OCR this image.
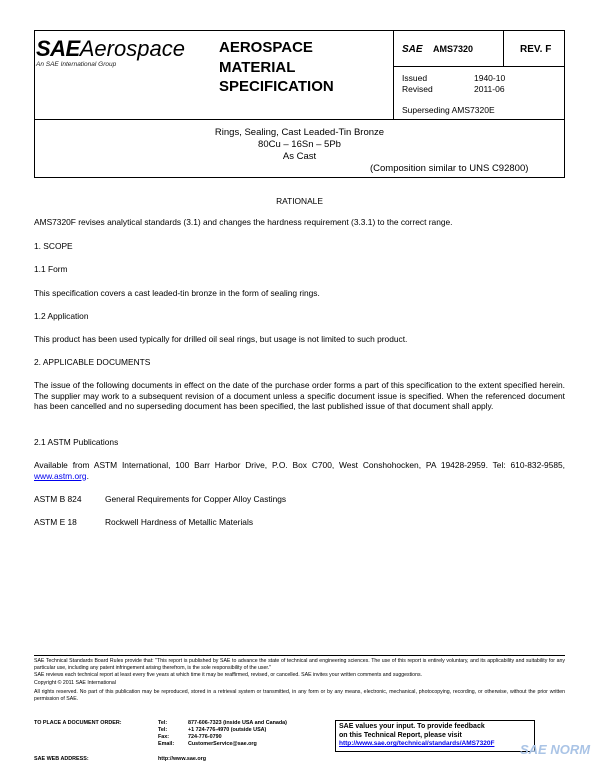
SAEAerospace
An SAE International Group
AEROSPACE
MATERIAL
SPECIFICATION
SAE AMS7320	REV. F
Issued	1940-10
Revised	2011-06
Superseding AMS7320E
Rings, Sealing, Cast Leaded-Tin Bronze
80Cu – 16Sn – 5Pb
As Cast
(Composition similar to UNS C92800)
RATIONALE
AMS7320F revises analytical standards (3.1) and changes the hardness requirement (3.3.1) to the correct range.
1. SCOPE
1.1 Form
This specification covers a cast leaded-tin bronze in the form of sealing rings.
1.2 Application
This product has been used typically for drilled oil seal rings, but usage is not limited to such product.
2. APPLICABLE DOCUMENTS
The issue of the following documents in effect on the date of the purchase order forms a part of this specification to the extent specified herein. The supplier may work to a subsequent revision of a document unless a specific document issue is specified. When the referenced document has been cancelled and no superseding document has been specified, the last published issue of that document shall apply.
2.1 ASTM Publications
Available from ASTM International, 100 Barr Harbor Drive, P.O. Box C700, West Conshohocken, PA 19428-2959. Tel: 610-832-9585, www.astm.org.
ASTM B 824	General Requirements for Copper Alloy Castings
ASTM E 18	Rockwell Hardness of Metallic Materials
SAE Technical Standards Board Rules provide that: "This report is published by SAE to advance the state of technical and engineering sciences. The use of this report is entirely voluntary, and its applicability and suitability for any particular use, including any patent infringement arising therefrom, is the sole responsibility of the user."
SAE reviews each technical report at least every five years at which time it may be reaffirmed, revised, or cancelled. SAE invites your written comments and suggestions.
Copyright © 2011 SAE International
All rights reserved. No part of this publication may be reproduced, stored in a retrieval system or transmitted, in any form or by any means, electronic, mechanical, photocopying, recording, or otherwise, without the prior written permission of SAE.
TO PLACE A DOCUMENT ORDER:	Tel:	877-606-7323 (inside USA and Canada)
Tel:	+1 724-776-4970 (outside USA)
Fax:	724-776-0790
Email:	CustomerService@sae.org
SAE WEB ADDRESS:	http://www.sae.org
SAE values your input. To provide feedback
on this Technical Report, please visit
http://www.sae.org/technical/standards/AMS7320F	SAE NORM
